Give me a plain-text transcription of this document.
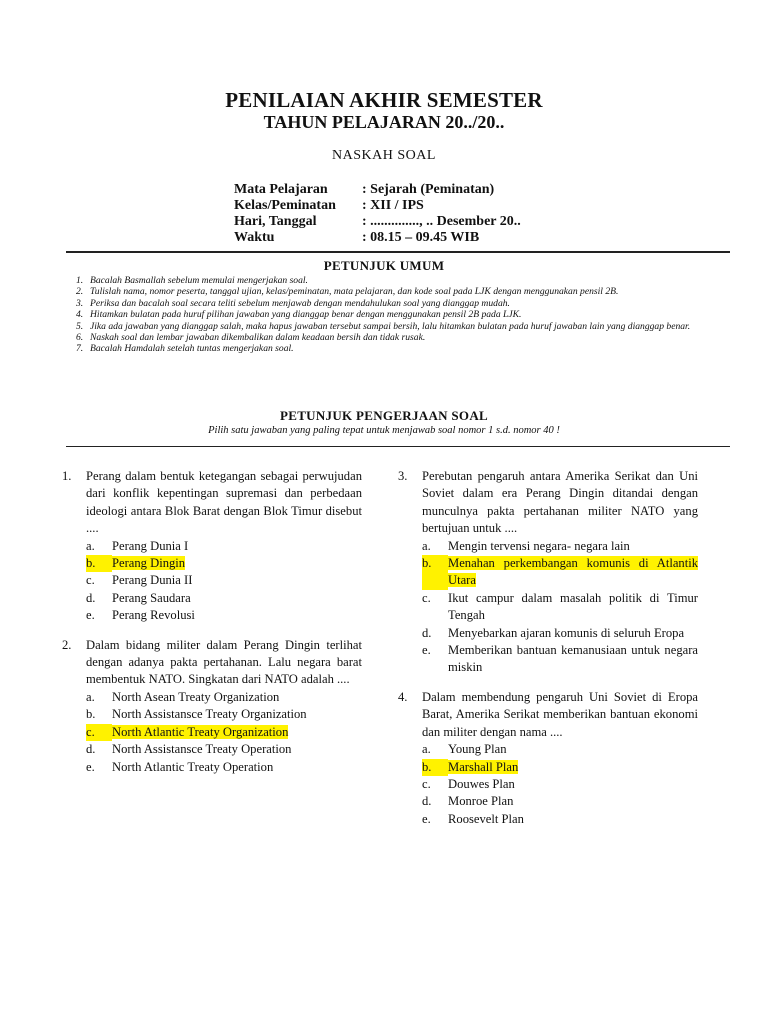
PENILAIAN AKHIR SEMESTER
TAHUN PELAJARAN 20../20..
NASKAH SOAL
Mata Pelajaran	: Sejarah (Peminatan)
Kelas/Peminatan	: XII / IPS
Hari, Tanggal	: .............., .. Desember 20..
Waktu	: 08.15 – 09.45 WIB
PETUNJUK UMUM
1. Bacalah Basmallah sebelum memulai mengerjakan soal.
2. Tulislah nama, nomor peserta, tanggal ujian, kelas/peminatan, mata pelajaran, dan kode soal pada LJK dengan menggunakan pensil 2B.
3. Periksa dan bacalah soal secara teliti sebelum menjawab dengan mendahulukan soal yang dianggap mudah.
4. Hitamkan bulatan pada huruf pilihan jawaban yang dianggap benar dengan menggunakan pensil 2B pada LJK.
5. Jika ada jawaban yang dianggap salah, maka hapus jawaban tersebut sampai bersih, lalu hitamkan bulatan pada huruf jawaban lain yang dianggap benar.
6. Naskah soal dan lembar jawaban dikembalikan dalam keadaan bersih dan tidak rusak.
7. Bacalah Hamdalah setelah tuntas mengerjakan soal.
PETUNJUK PENGERJAAN SOAL
Pilih satu jawaban yang paling tepat untuk menjawab soal nomor 1 s.d. nomor 40 !
1.	Perang dalam bentuk ketegangan sebagai perwujudan dari konflik kepentingan supremasi dan perbedaan ideologi antara Blok Barat dengan Blok Timur disebut ....
a.	Perang Dunia I
b.	Perang Dingin
c.	Perang Dunia II
d.	Perang Saudara
e.	Perang Revolusi
2.	Dalam bidang militer dalam Perang Dingin terlihat dengan adanya pakta pertahanan. Lalu negara barat membentuk NATO. Singkatan dari NATO adalah ....
a.	North Asean Treaty Organization
b.	North Assistansce Treaty Organization
c.	North Atlantic Treaty Organization
d.	North Assistansce Treaty Operation
e.	North Atlantic Treaty Operation
3.	Perebutan pengaruh antara Amerika Serikat dan Uni Soviet dalam era Perang Dingin ditandai dengan munculnya pakta pertahanan militer NATO yang bertujuan untuk ....
a.	Mengin tervensi negara- negara lain
b.	Menahan perkembangan komunis di Atlantik Utara
c.	Ikut campur dalam masalah politik di Timur Tengah
d.	Menyebarkan ajaran komunis di seluruh Eropa
e.	Memberikan bantuan kemanusiaan untuk negara miskin
4.	Dalam membendung pengaruh Uni Soviet di Eropa Barat, Amerika Serikat memberikan bantuan ekonomi dan militer dengan nama ....
a.	Young Plan
b.	Marshall Plan
c.	Douwes Plan
d.	Monroe Plan
e.	Roosevelt Plan
